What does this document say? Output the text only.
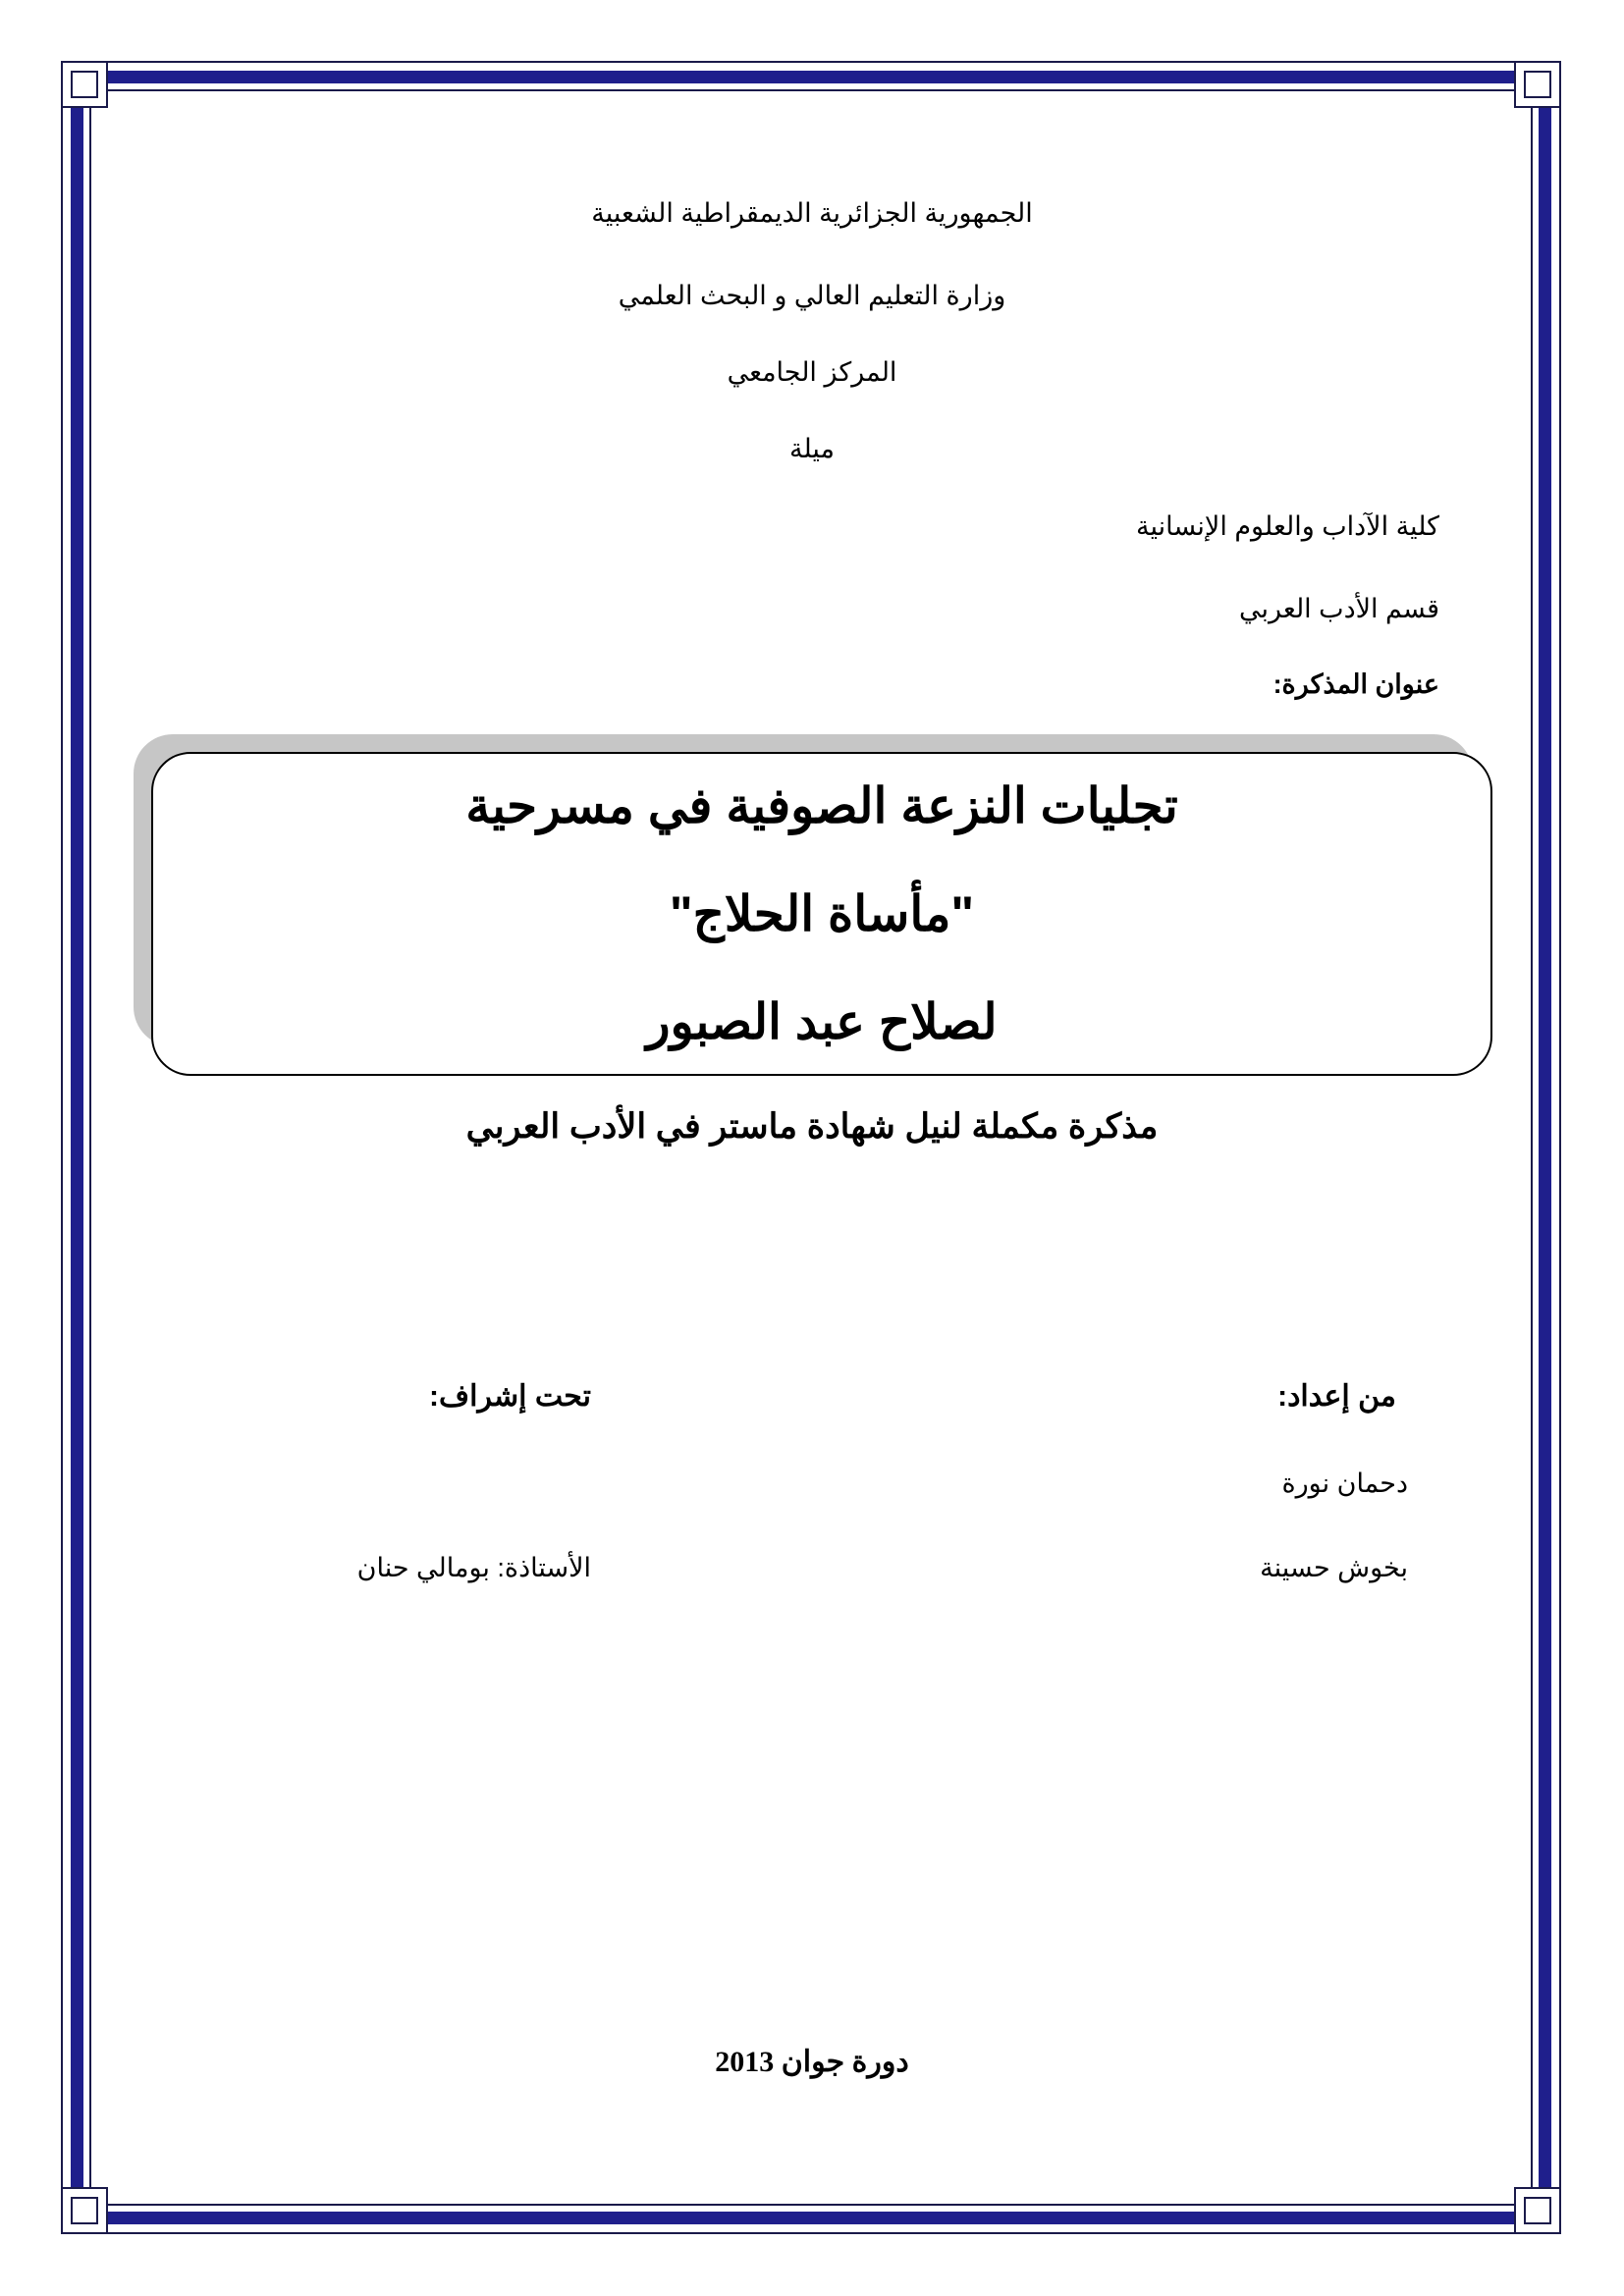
الجمهورية الجزائرية الديمقراطية الشعبية
وزارة التعليم العالي و البحث العلمي
المركز الجامعي
ميلة
كلية الآداب والعلوم الإنسانية
قسم الأدب العربي
عنوان المذكرة:
تجليات النزعة الصوفية في مسرحية
"مأساة الحلاج"
لصلاح عبد الصبور
مذكرة مكملة لنيل شهادة ماستر في الأدب العربي
من إعداد:
دحمان نورة
بخوش حسينة
تحت إشراف:
الأستاذة: بومالي حنان
دورة جوان 2013
